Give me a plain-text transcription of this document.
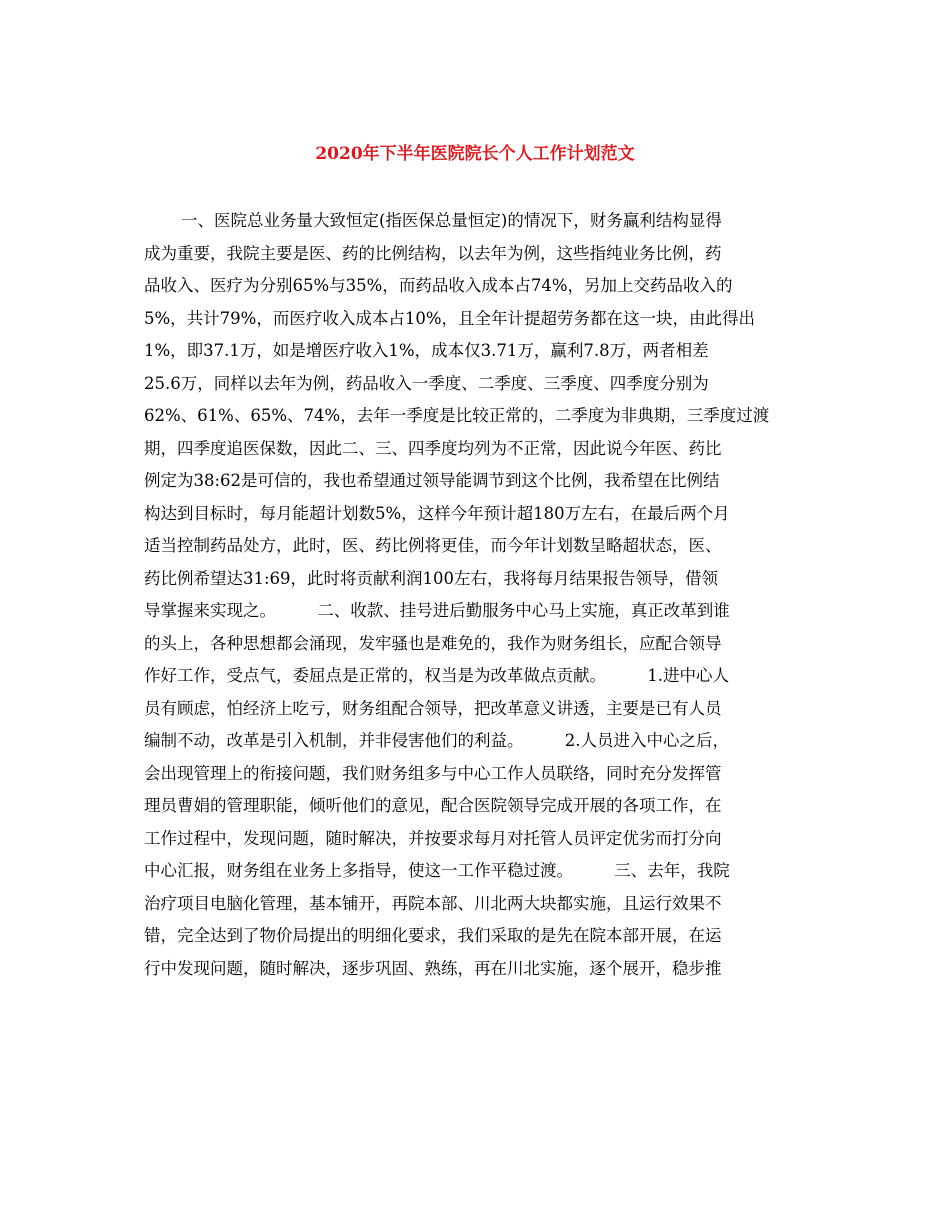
2020年下半年医院院长个人工作计划范文
一、医院总业务量大致恒定(指医保总量恒定)的情况下，财务赢利结构显得
成为重要，我院主要是医、药的比例结构，以去年为例，这些指纯业务比例，药
品收入、医疗为分别65%与35%，而药品收入成本占74%，另加上交药品收入的
5%，共计79%，而医疗收入成本占10%，且全年计提超劳务都在这一块，由此得出
1%，即37.1万，如是增医疗收入1%，成本仅3.71万，赢利7.8万，两者相差
25.6万，同样以去年为例，药品收入一季度、二季度、三季度、四季度分别为
62%、61%、65%、74%，去年一季度是比较正常的，二季度为非典期，三季度过渡
期，四季度追医保数，因此二、三、四季度均列为不正常，因此说今年医、药比
例定为38:62是可信的，我也希望通过领导能调节到这个比例，我希望在比例结
构达到目标时，每月能超计划数5%，这样今年预计超180万左右，在最后两个月
适当控制药品处方，此时，医、药比例将更佳，而今年计划数呈略超状态，医、
药比例希望达31:69，此时将贡献利润100左右，我将每月结果报告领导，借领
导掌握来实现之。　　　二、收款、挂号进后勤服务中心马上实施，真正改革到谁
的头上，各种思想都会涌现，发牢骚也是难免的，我作为财务组长，应配合领导
作好工作，受点气，委屈点是正常的，权当是为改革做点贡献。　　　1.进中心人
员有顾虑，怕经济上吃亏，财务组配合领导，把改革意义讲透，主要是已有人员
编制不动，改革是引入机制，并非侵害他们的利益。　　　2.人员进入中心之后，
会出现管理上的衔接问题，我们财务组多与中心工作人员联络，同时充分发挥管
理员曹娟的管理职能，倾听他们的意见，配合医院领导完成开展的各项工作，在
工作过程中，发现问题，随时解决，并按要求每月对托管人员评定优劣而打分向
中心汇报，财务组在业务上多指导，使这一工作平稳过渡。　　　三、去年，我院
治疗项目电脑化管理，基本铺开，再院本部、川北两大块都实施，且运行效果不
错，完全达到了物价局提出的明细化要求，我们采取的是先在院本部开展，在运
行中发现问题，随时解决，逐步巩固、熟练，再在川北实施，逐个展开，稳步推
